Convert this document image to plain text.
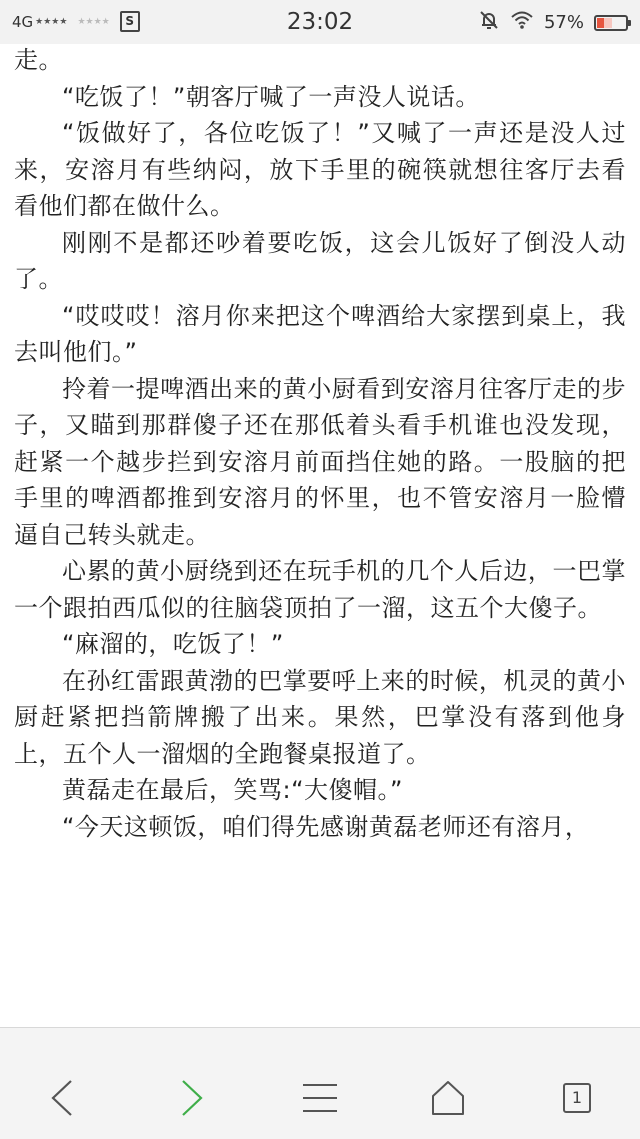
4G ★★★★ ★★★★	S	23:02	57%

走。

“吃饭了！”朝客厅喊了一声没人说话。

“饭做好了，各位吃饭了！”又喊了一声还是没人过来，安溶月有些纳闷，放下手里的碗筷就想往客厅去看看他们都在做什么。

刚刚不是都还吵着要吃饭，这会儿饭好了倒没人动了。

“哎哎哎！溶月你来把这个啤酒给大家摆到桌上，我去叫他们。”

拎着一提啤酒出来的黄小厨看到安溶月往客厅走的步子，又瞄到那群傻子还在那低着头看手机谁也没发现，赶紧一个越步拦到安溶月前面挡住她的路。一股脑的把手里的啤酒都推到安溶月的怀里，也不管安溶月一脸懵逼自己转头就走。

心累的黄小厨绕到还在玩手机的几个人后边，一巴掌一个跟拍西瓜似的往脑袋顶拍了一溜，这五个大傻子。

“麻溜的，吃饭了！”

在孙红雷跟黄渤的巴掌要呼上来的时候，机灵的黄小厨赶紧把挡箭牌搬了出来。果然，巴掌没有落到他身上，五个人一溜烟的全跑餐桌报道了。

黄磊走在最后，笑骂:“大傻帽。”

“今天这顿饭，咱们得先感谢黄磊老师还有溶月，

1
